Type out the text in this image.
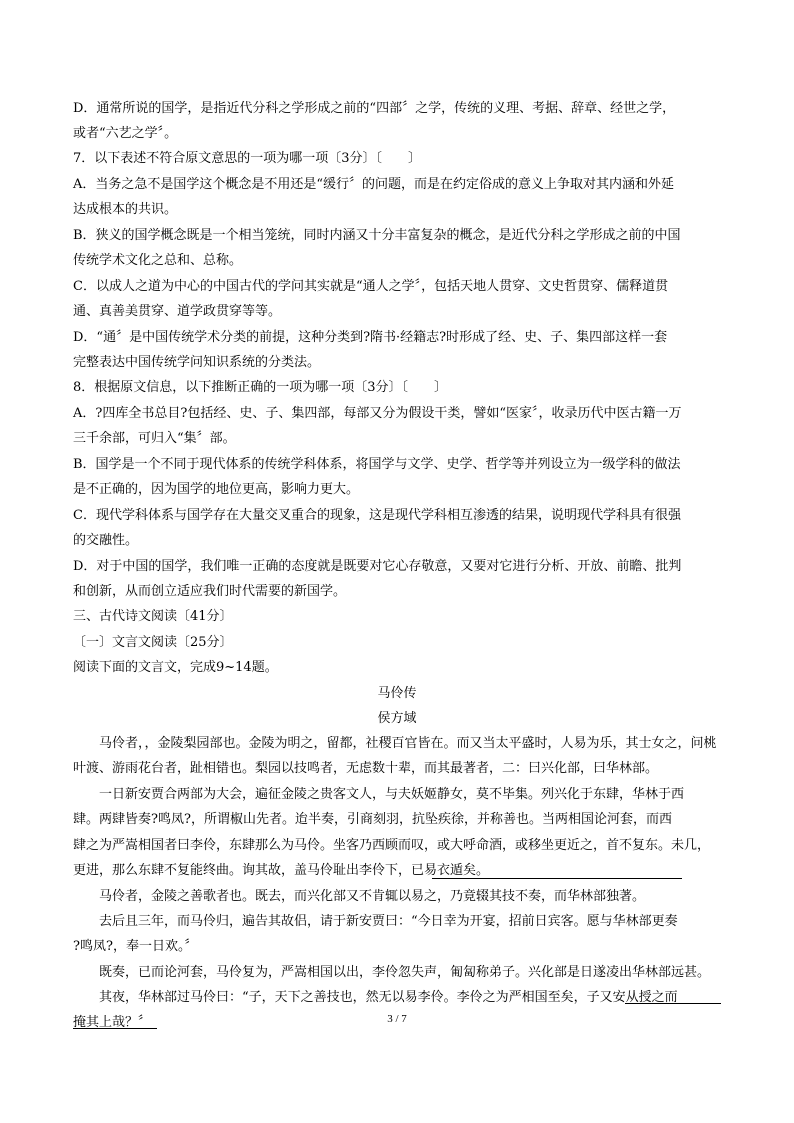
D．通常所说的国学，是指近代分科之学形成之前的“四部〞之学，传统的义理、考据、辞章、经世之学，
或者“六艺之学〞。
7．以下表述不符合原文意思的一项为哪一项〔3分〕〔　　〕
A．当务之急不是国学这个概念是不用还是“缓行〞的问题，而是在约定俗成的意义上争取对其内涵和外延
达成根本的共识。
B．狭义的国学概念既是一个相当笼统，同时内涵又十分丰富复杂的概念，是近代分科之学形成之前的中国
传统学术文化之总和、总称。
C．以成人之道为中心的中国古代的学问其实就是“通人之学〞，包括天地人贯穿、文史哲贯穿、儒释道贯
通、真善美贯穿、道学政贯穿等等。
D．“通〞是中国传统学术分类的前提，这种分类到?隋书·经籍志?时形成了经、史、子、集四部这样一套
完整表达中国传统学问知识系统的分类法。
8．根据原文信息，以下推断正确的一项为哪一项〔3分〕〔　　〕
A．?四库全书总目?包括经、史、子、集四部，每部又分为假设干类，譬如“医家〞，收录历代中医古籍一万
三千余部，可归入“集〞部。
B．国学是一个不同于现代体系的传统学科体系，将国学与文学、史学、哲学等并列设立为一级学科的做法
是不正确的，因为国学的地位更高，影响力更大。
C．现代学科体系与国学存在大量交叉重合的现象，这是现代学科相互渗透的结果，说明现代学科具有很强
的交融性。
D．对于中国的国学，我们唯一正确的态度就是既要对它心存敬意，又要对它进行分析、开放、前瞻、批判
和创新，从而创立适应我们时代需要的新国学。
三、古代诗文阅读〔41分〕
〔一〕文言文阅读〔25分〕
阅读下面的文言文，完成9~14题。
马伶传
侯方域
马伶者，，金陵梨园部也。金陵为明之，留都，社稷百官皆在。而又当太平盛时，人易为乐，其士女之，问桃
叶渡、游雨花台者，趾相错也。梨园以技鸣者，无虑数十辈，而其最著者，二：曰兴化部，曰华林部。
一日新安贾合两部为大会，遍征金陵之贵客文人，与夫妖姬静女，莫不毕集。列兴化于东肆，华林于西
肆。两肆皆奏?鸣凤?，所谓椒山先者。迨半奏，引商刻羽，抗坠疾徐，并称善也。当两相国论河套，而西
肆之为严嵩相国者曰李伶，东肆那么为马伶。坐客乃西顾而叹，或大呼命酒，或移坐更近之，首不复东。未几，
更进，那么东肆不复能终曲。询其故，盖马伶耻出李伶下，已易衣遁矣。
马伶者，金陵之善歌者也。既去，而兴化部又不肯辄以易之，乃竟辍其技不奏，而华林部独著。
去后且三年，而马伶归，遍告其故侣，请于新安贾曰：“今日幸为开宴，招前日宾客。愿与华林部更奏
?鸣凤?，奉一日欢。〞
既奏，已而论河套，马伶复为，严嵩相国以出，李伶忽失声，匍匐称弟子。兴化部是日遂凌出华林部远甚。
其夜，华林部过马伶曰：“子，天下之善技也，然无以易李伶。李伶之为严相国至矣，子又安从授之而
掩其上哉？〞	3 / 7
